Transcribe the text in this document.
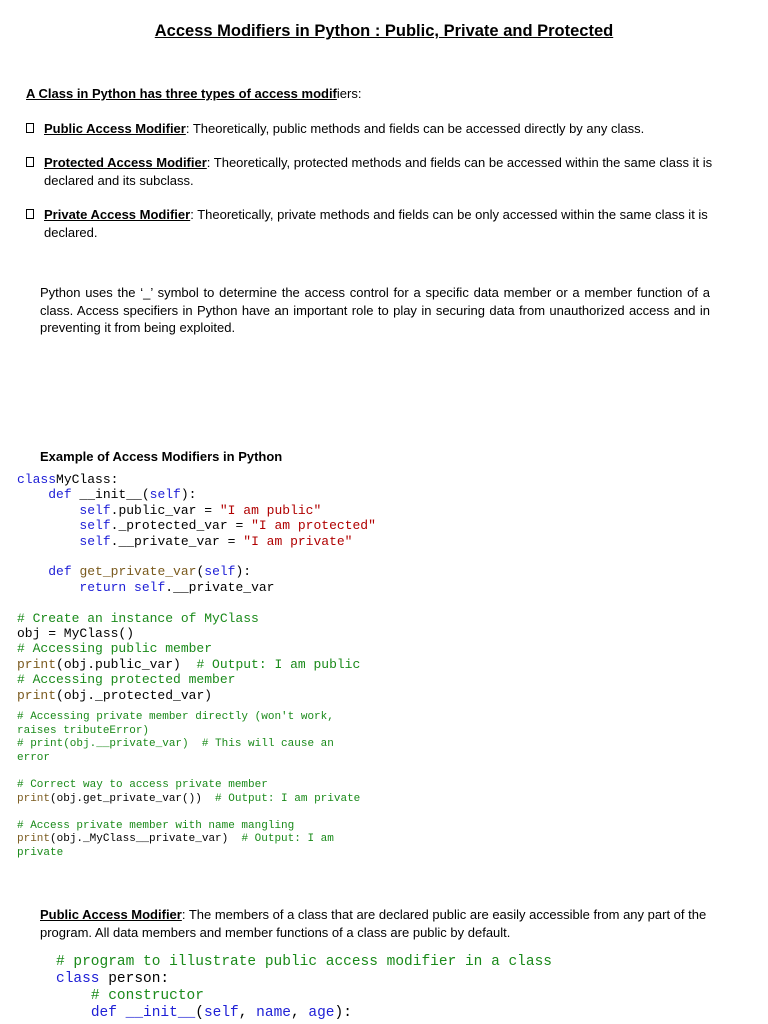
Access Modifiers in Python : Public, Private and Protected
A Class in Python has three types of access modifiers:
Public Access Modifier: Theoretically, public methods and fields can be accessed directly by any class.
Protected Access Modifier: Theoretically, protected methods and fields can be accessed within the same class it is declared and its subclass.
Private Access Modifier: Theoretically, private methods and fields can be only accessed within the same class it is declared.
Python uses the ‘_’ symbol to determine the access control for a specific data member or a member function of a class. Access specifiers in Python have an important role to play in securing data from unauthorized access and in preventing it from being exploited.
Example of Access Modifiers in Python
classMyClass:
def __init__(self):
self.public_var = "I am public"
self._protected_var = "I am protected"
self.__private_var = "I am private"

def get_private_var(self):
return self.__private_var

# Create an instance of MyClass
obj = MyClass()
# Accessing public member
print(obj.public_var)  # Output: I am public
# Accessing protected member
print(obj._protected_var)
# Accessing private member directly (won't work,
raises tributeError)
# print(obj.__private_var)  # This will cause an
error

# Correct way to access private member
print(obj.get_private_var())  # Output: I am private

# Access private member with name mangling
print(obj._MyClass__private_var)  # Output: I am
private
Public Access Modifier: The members of a class that are declared public are easily accessible from any part of the program. All data members and member functions of a class are public by default.
# program to illustrate public access modifier in a class
class person:
# constructor
def __init__(self, name, age):
